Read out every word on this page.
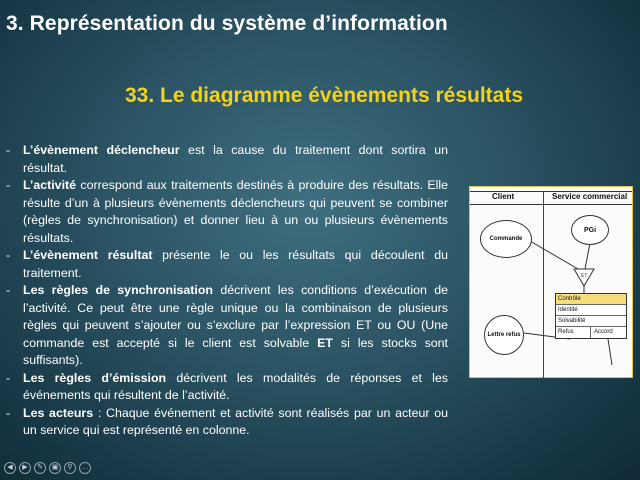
3. Représentation du système d’information
33. Le diagramme évènements résultats
-	L’évènement déclencheur est la cause du traitement dont sortira un résultat.
-	L’activité correspond aux traitements destinés à produire des résultats. Elle résulte d’un à plusieurs évènements déclencheurs qui peuvent se combiner (règles de synchronisation) et donner lieu à un ou plusieurs évènements résultats.
-	L’évènement résultat présente le ou les résultats qui découlent du traitement.
-	Les règles de synchronisation décrivent les conditions d’exécution de l’activité. Ce peut être une règle unique ou la combinaison de plusieurs règles qui peuvent s’ajouter ou s’exclure par l’expression ET ou OU (Une commande est accepté si le client est solvable ET si les stocks sont suffisants).
-	Les règles d’émission décrivent les modalités de réponses et les événements qui résultent de l’activité.
-	Les acteurs : Chaque événement et activité sont réalisés par un acteur ou un service qui est représenté en colonne.
Client	Service commercial
Commande
PGi
ET
Contrôle
Identité
Solvabilité
Refus	Accord
Lettre refus
◀	▶	✎	▣	⚲	…
